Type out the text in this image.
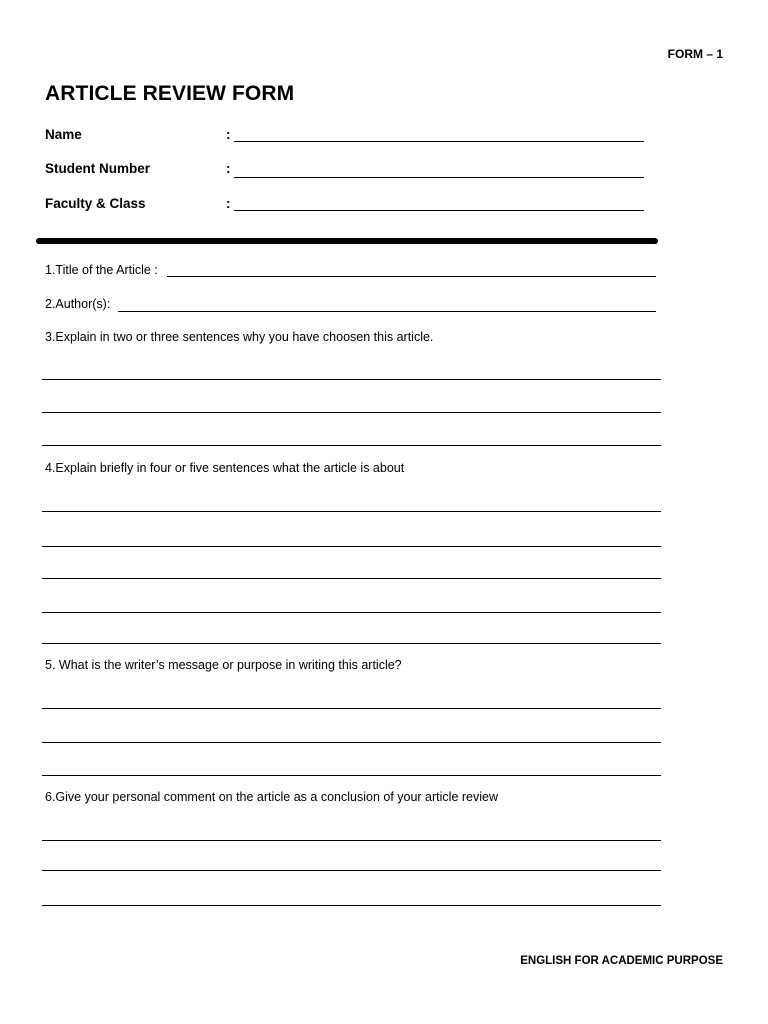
FORM – 1
ARTICLE REVIEW FORM
Name	:
Student Number	:
Faculty & Class	:
1.Title of the Article :
2.Author(s):
3.Explain in two or three sentences why you have choosen this article.
4.Explain briefly in four or five sentences what the article is about
5. What is the writer’s message or purpose in writing this article?
6.Give your personal comment on the article as a conclusion of your article review
ENGLISH FOR ACADEMIC PURPOSE
